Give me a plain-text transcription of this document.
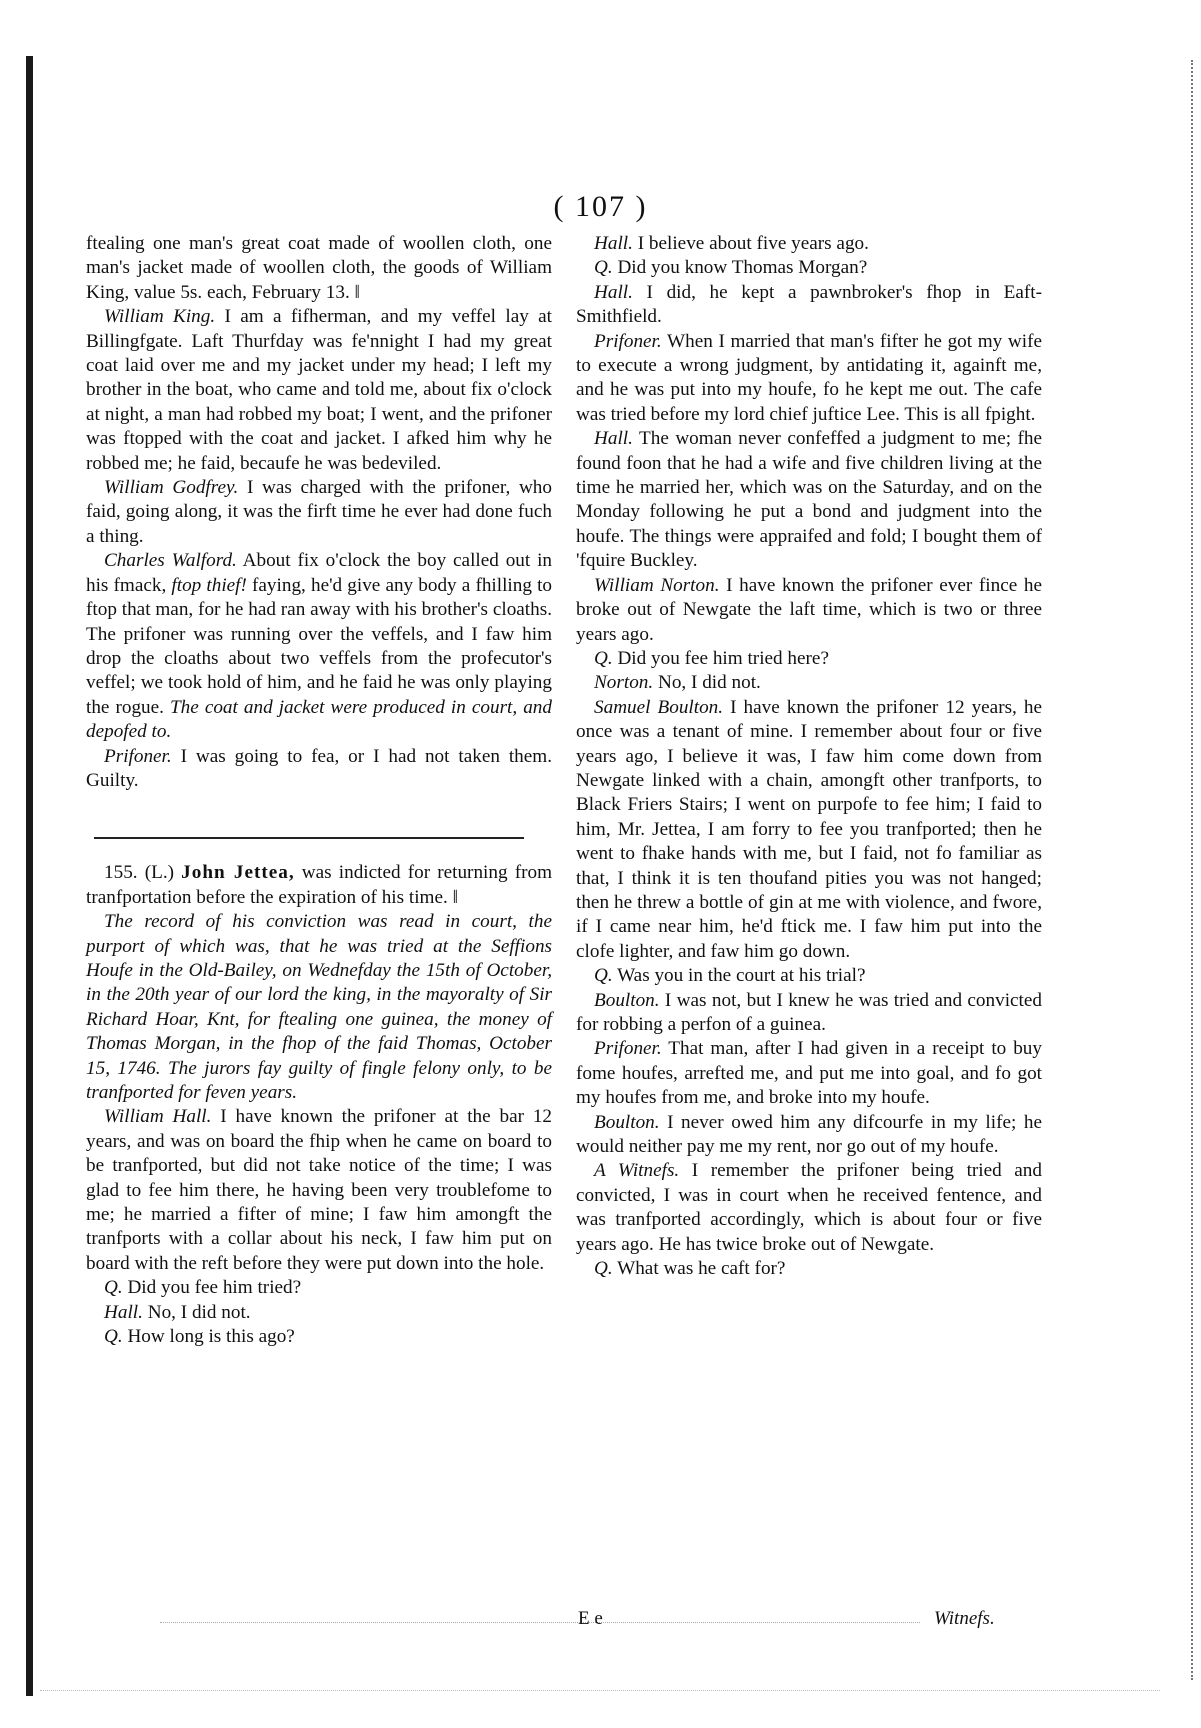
( 107 )

ftealing one man's great coat made of woollen cloth, one man's jacket made of woollen cloth, the goods of William King, value 5s. each, February 13. ‖

William King. I am a fifherman, and my veffel lay at Billingfgate. Laft Thurfday was fe'nnight I had my great coat laid over me and my jacket under my head; I left my brother in the boat, who came and told me, about fix o'clock at night, a man had robbed my boat; I went, and the prifoner was ftopped with the coat and jacket. I afked him why he robbed me; he faid, becaufe he was bedeviled.

William Godfrey. I was charged with the prifoner, who faid, going along, it was the firft time he ever had done fuch a thing.

Charles Walford. About fix o'clock the boy called out in his fmack, ftop thief! faying, he'd give any body a fhilling to ftop that man, for he had ran away with his brother's cloaths. The prifoner was running over the veffels, and I faw him drop the cloaths about two veffels from the profecutor's veffel; we took hold of him, and he faid he was only playing the rogue. The coat and jacket were produced in court, and depofed to.

Prifoner. I was going to fea, or I had not taken them. Guilty.

155. (L.) John Jettea, was indicted for returning from tranfportation before the expiration of his time. ‖

The record of his conviction was read in court, the purport of which was, that he was tried at the Seffions Houfe in the Old-Bailey, on Wednefday the 15th of October, in the 20th year of our lord the king, in the mayoralty of Sir Richard Hoar, Knt, for ftealing one guinea, the money of Thomas Morgan, in the fhop of the faid Thomas, October 15, 1746. The jurors fay guilty of fingle felony only, to be tranfported for feven years.

William Hall. I have known the prifoner at the bar 12 years, and was on board the fhip when he came on board to be tranfported, but did not take notice of the time; I was glad to fee him there, he having been very troublefome to me; he married a fifter of mine; I faw him amongft the tranfports with a collar about his neck, I faw him put on board with the reft before they were put down into the hole.

Q. Did you fee him tried?

Hall. No, I did not.

Q. How long is this ago?

Hall. I believe about five years ago.

Q. Did you know Thomas Morgan?

Hall. I did, he kept a pawnbroker's fhop in Eaft-Smithfield.

Prifoner. When I married that man's fifter he got my wife to execute a wrong judgment, by antidating it, againft me, and he was put into my houfe, fo he kept me out. The cafe was tried before my lord chief juftice Lee. This is all fpight.

Hall. The woman never confeffed a judgment to me; fhe found foon that he had a wife and five children living at the time he married her, which was on the Saturday, and on the Monday following he put a bond and judgment into the houfe. The things were appraifed and fold; I bought them of 'fquire Buckley.

William Norton. I have known the prifoner ever fince he broke out of Newgate the laft time, which is two or three years ago.

Q. Did you fee him tried here?

Norton. No, I did not.

Samuel Boulton. I have known the prifoner 12 years, he once was a tenant of mine. I remember about four or five years ago, I believe it was, I faw him come down from Newgate linked with a chain, amongft other tranfports, to Black Friers Stairs; I went on purpofe to fee him; I faid to him, Mr. Jettea, I am forry to fee you tranfported; then he went to fhake hands with me, but I faid, not fo familiar as that, I think it is ten thoufand pities you was not hanged; then he threw a bottle of gin at me with violence, and fwore, if I came near him, he'd ftick me. I faw him put into the clofe lighter, and faw him go down.

Q. Was you in the court at his trial?

Boulton. I was not, but I knew he was tried and convicted for robbing a perfon of a guinea.

Prifoner. That man, after I had given in a receipt to buy fome houfes, arrefted me, and put me into goal, and fo got my houfes from me, and broke into my houfe.

Boulton. I never owed him any difcourfe in my life; he would neither pay me my rent, nor go out of my houfe.

A Witnefs. I remember the prifoner being tried and convicted, I was in court when he received fentence, and was tranfported accordingly, which is about four or five years ago. He has twice broke out of Newgate.

Q. What was he caft for?

E e	Witnefs.
